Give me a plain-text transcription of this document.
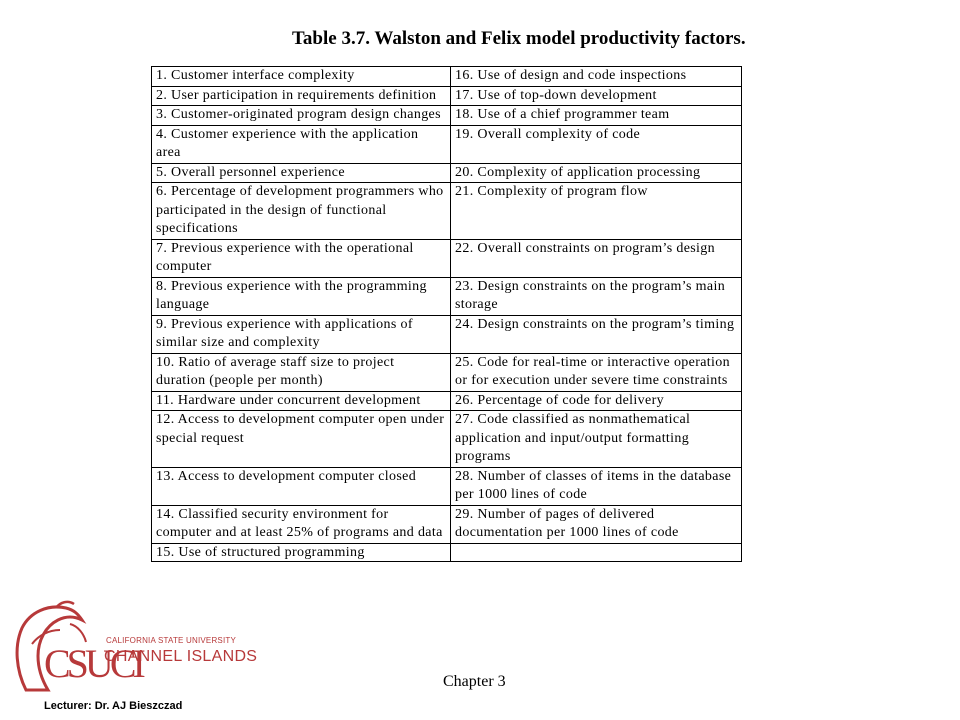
Table 3.7. Walston and Felix model productivity factors.
1. Customer interface complexity	16. Use of design and code inspections
2. User participation in requirements definition	17. Use of top-down development
3. Customer-originated program design changes	18. Use of a chief programmer team
4. Customer experience with the application area	19. Overall complexity of code
5. Overall personnel experience	20. Complexity of application processing
6. Percentage of development programmers who participated in the design of functional specifications	21. Complexity of program flow
7. Previous experience with the operational computer	22. Overall constraints on program’s design
8. Previous experience with the programming language	23. Design constraints on the program’s main storage
9. Previous experience with applications of similar size and complexity	24. Design constraints on the program’s timing
10. Ratio of average staff size to project duration (people per month)	25. Code for real-time or interactive operation or for execution under severe time constraints
11. Hardware under concurrent development	26. Percentage of code for delivery
12. Access to development computer open under special request	27. Code classified as nonmathematical application and input/output formatting programs
13. Access to development computer closed	28. Number of classes of items in the database per 1000 lines of code
14. Classified security environment for computer and at least 25% of programs and data	29. Number of pages of delivered documentation per 1000 lines of code
15. Use of structured programming	
CSUCI
CALIFORNIA STATE UNIVERSITY
CHANNEL ISLANDS
Chapter 3
Lecturer: Dr. AJ Bieszczad
